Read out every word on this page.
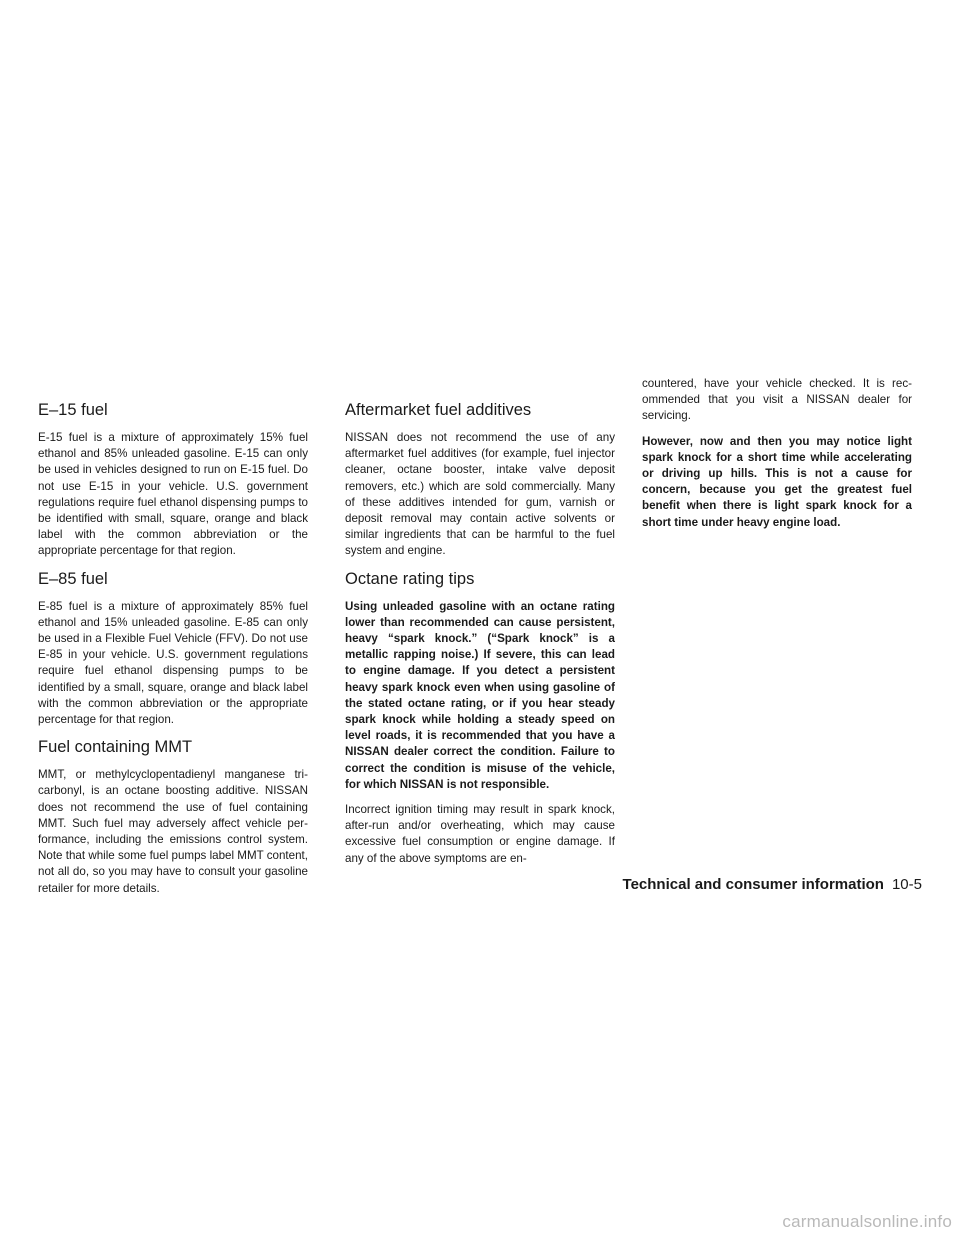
E–15 fuel

E-15 fuel is a mixture of approximately 15% fuel ethanol and 85% unleaded gasoline. E-15 can only be used in vehicles designed to run on E-15 fuel. Do not use E-15 in your vehicle. U.S. government regulations require fuel ethanol dispensing pumps to be identified with small, square, orange and black label with the common abbreviation or the appropriate percentage for that region.

E–85 fuel

E-85 fuel is a mixture of approximately 85% fuel ethanol and 15% unleaded gasoline. E-85 can only be used in a Flexible Fuel Vehicle (FFV). Do not use E-85 in your vehicle. U.S. government regulations require fuel ethanol dispensing pumps to be identified by a small, square, orange and black label with the common abbreviation or the appropriate percentage for that region.

Fuel containing MMT

MMT, or methylcyclopentadienyl manganese tricarbonyl, is an octane boosting additive. NISSAN does not recommend the use of fuel containing MMT. Such fuel may adversely affect vehicle performance, including the emissions control system. Note that while some fuel pumps label MMT content, not all do, so you may have to consult your gasoline retailer for more details.

Aftermarket fuel additives

NISSAN does not recommend the use of any aftermarket fuel additives (for example, fuel injector cleaner, octane booster, intake valve deposit removers, etc.) which are sold commercially. Many of these additives intended for gum, varnish or deposit removal may contain active solvents or similar ingredients that can be harmful to the fuel system and engine.

Octane rating tips

Using unleaded gasoline with an octane rating lower than recommended can cause persistent, heavy “spark knock.” (“Spark knock” is a metallic rapping noise.) If severe, this can lead to engine damage. If you detect a persistent heavy spark knock even when using gasoline of the stated octane rating, or if you hear steady spark knock while holding a steady speed on level roads, it is recommended that you have a NISSAN dealer correct the condition. Failure to correct the condition is misuse of the vehicle, for which NISSAN is not responsible.

Incorrect ignition timing may result in spark knock, after-run and/or overheating, which may cause excessive fuel consumption or engine damage. If any of the above symptoms are en-

countered, have your vehicle checked. It is recommended that you visit a NISSAN dealer for servicing.

However, now and then you may notice light spark knock for a short time while accelerating or driving up hills. This is not a cause for concern, because you get the greatest fuel benefit when there is light spark knock for a short time under heavy engine load.

Technical and consumer information 10-5
carmanualsonline.info
